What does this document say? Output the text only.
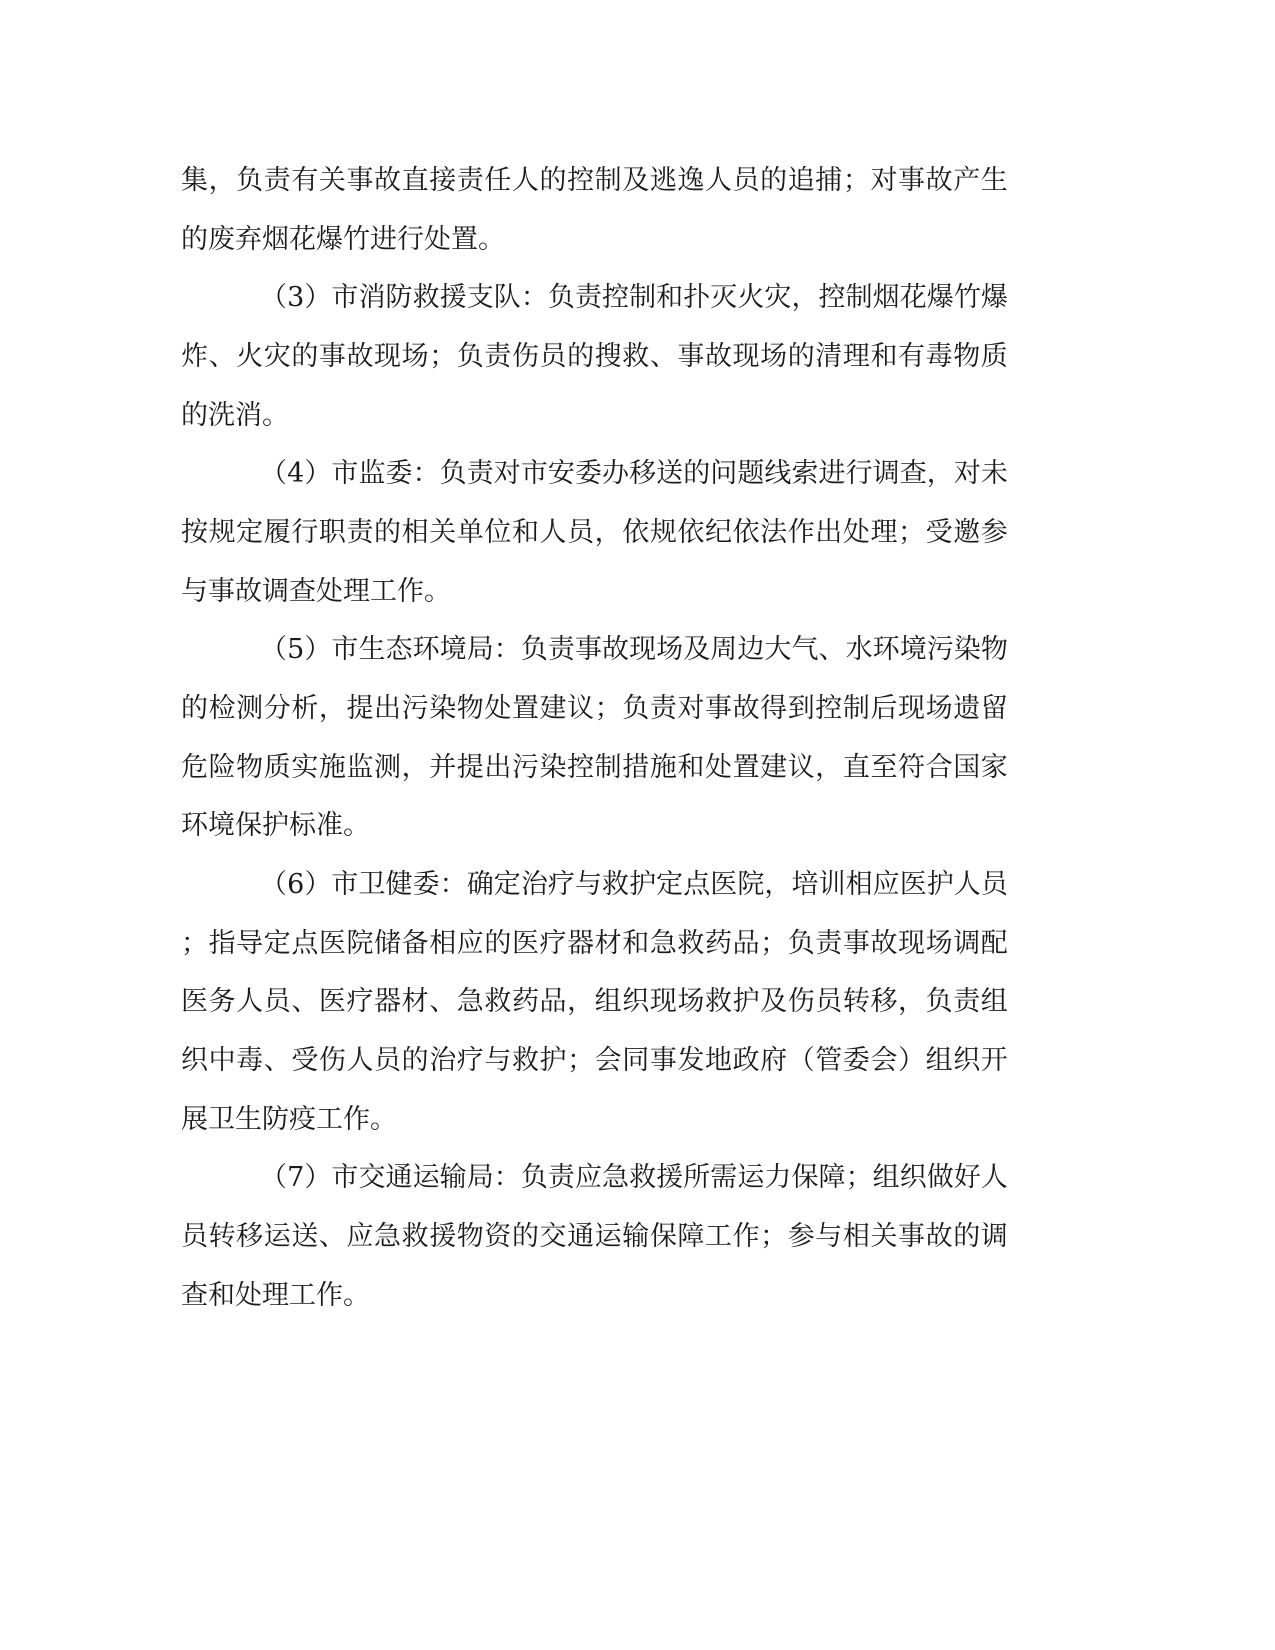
集 ， 负 责 有 关 事 故 直 接 责 任 人 的 控 制 及 逃 逸 人 员 的 追 捕 ； 对 事 故 产 生
的废弃烟花爆竹进行处置。
（ 3 ） 市 消 防 救 援 支 队 ： 负 责 控 制 和 扑 灭 火 灾 ， 控 制 烟 花 爆 竹 爆
炸 、 火 灾 的 事 故 现 场 ； 负 责 伤 员 的 搜 救 、 事 故 现 场 的 清 理 和 有 毒 物 质
的洗消。
（ 4 ） 市 监 委 ： 负 责 对 市 安 委 办 移 送 的 问 题 线 索 进 行 调 查 ， 对 未
按 规 定 履 行 职 责 的 相 关 单 位 和 人 员 ， 依 规 依 纪 依 法 作 出 处 理 ； 受 邀 参
与事故调查处理工作。
（ 5 ） 市 生 态 环 境 局 ： 负 责 事 故 现 场 及 周 边 大 气 、 水 环 境 污 染 物
的 检 测 分 析 ， 提 出 污 染 物 处 置 建 议 ； 负 责 对 事 故 得 到 控 制 后 现 场 遗 留
危 险 物 质 实 施 监 测 ， 并 提 出 污 染 控 制 措 施 和 处 置 建 议 ， 直 至 符 合 国 家
环境保护标准。
（ 6 ） 市 卫 健 委 ： 确 定 治 疗 与 救 护 定 点 医 院 ， 培 训 相 应 医 护 人 员
； 指 导 定 点 医 院 储 备 相 应 的 医 疗 器 材 和 急 救 药 品 ； 负 责 事 故 现 场 调 配
医 务 人 员 、 医 疗 器 材 、 急 救 药 品 ， 组 织 现 场 救 护 及 伤 员 转 移 ， 负 责 组
织 中 毒 、 受 伤 人 员 的 治 疗 与 救 护 ； 会 同 事 发 地 政 府 （ 管 委 会 ） 组 织 开
展卫生防疫工作。
（ 7 ） 市 交 通 运 输 局 ： 负 责 应 急 救 援 所 需 运 力 保 障 ； 组 织 做 好 人
员 转 移 运 送 、 应 急 救 援 物 资 的 交 通 运 输 保 障 工 作 ； 参 与 相 关 事 故 的 调
查和处理工作。
